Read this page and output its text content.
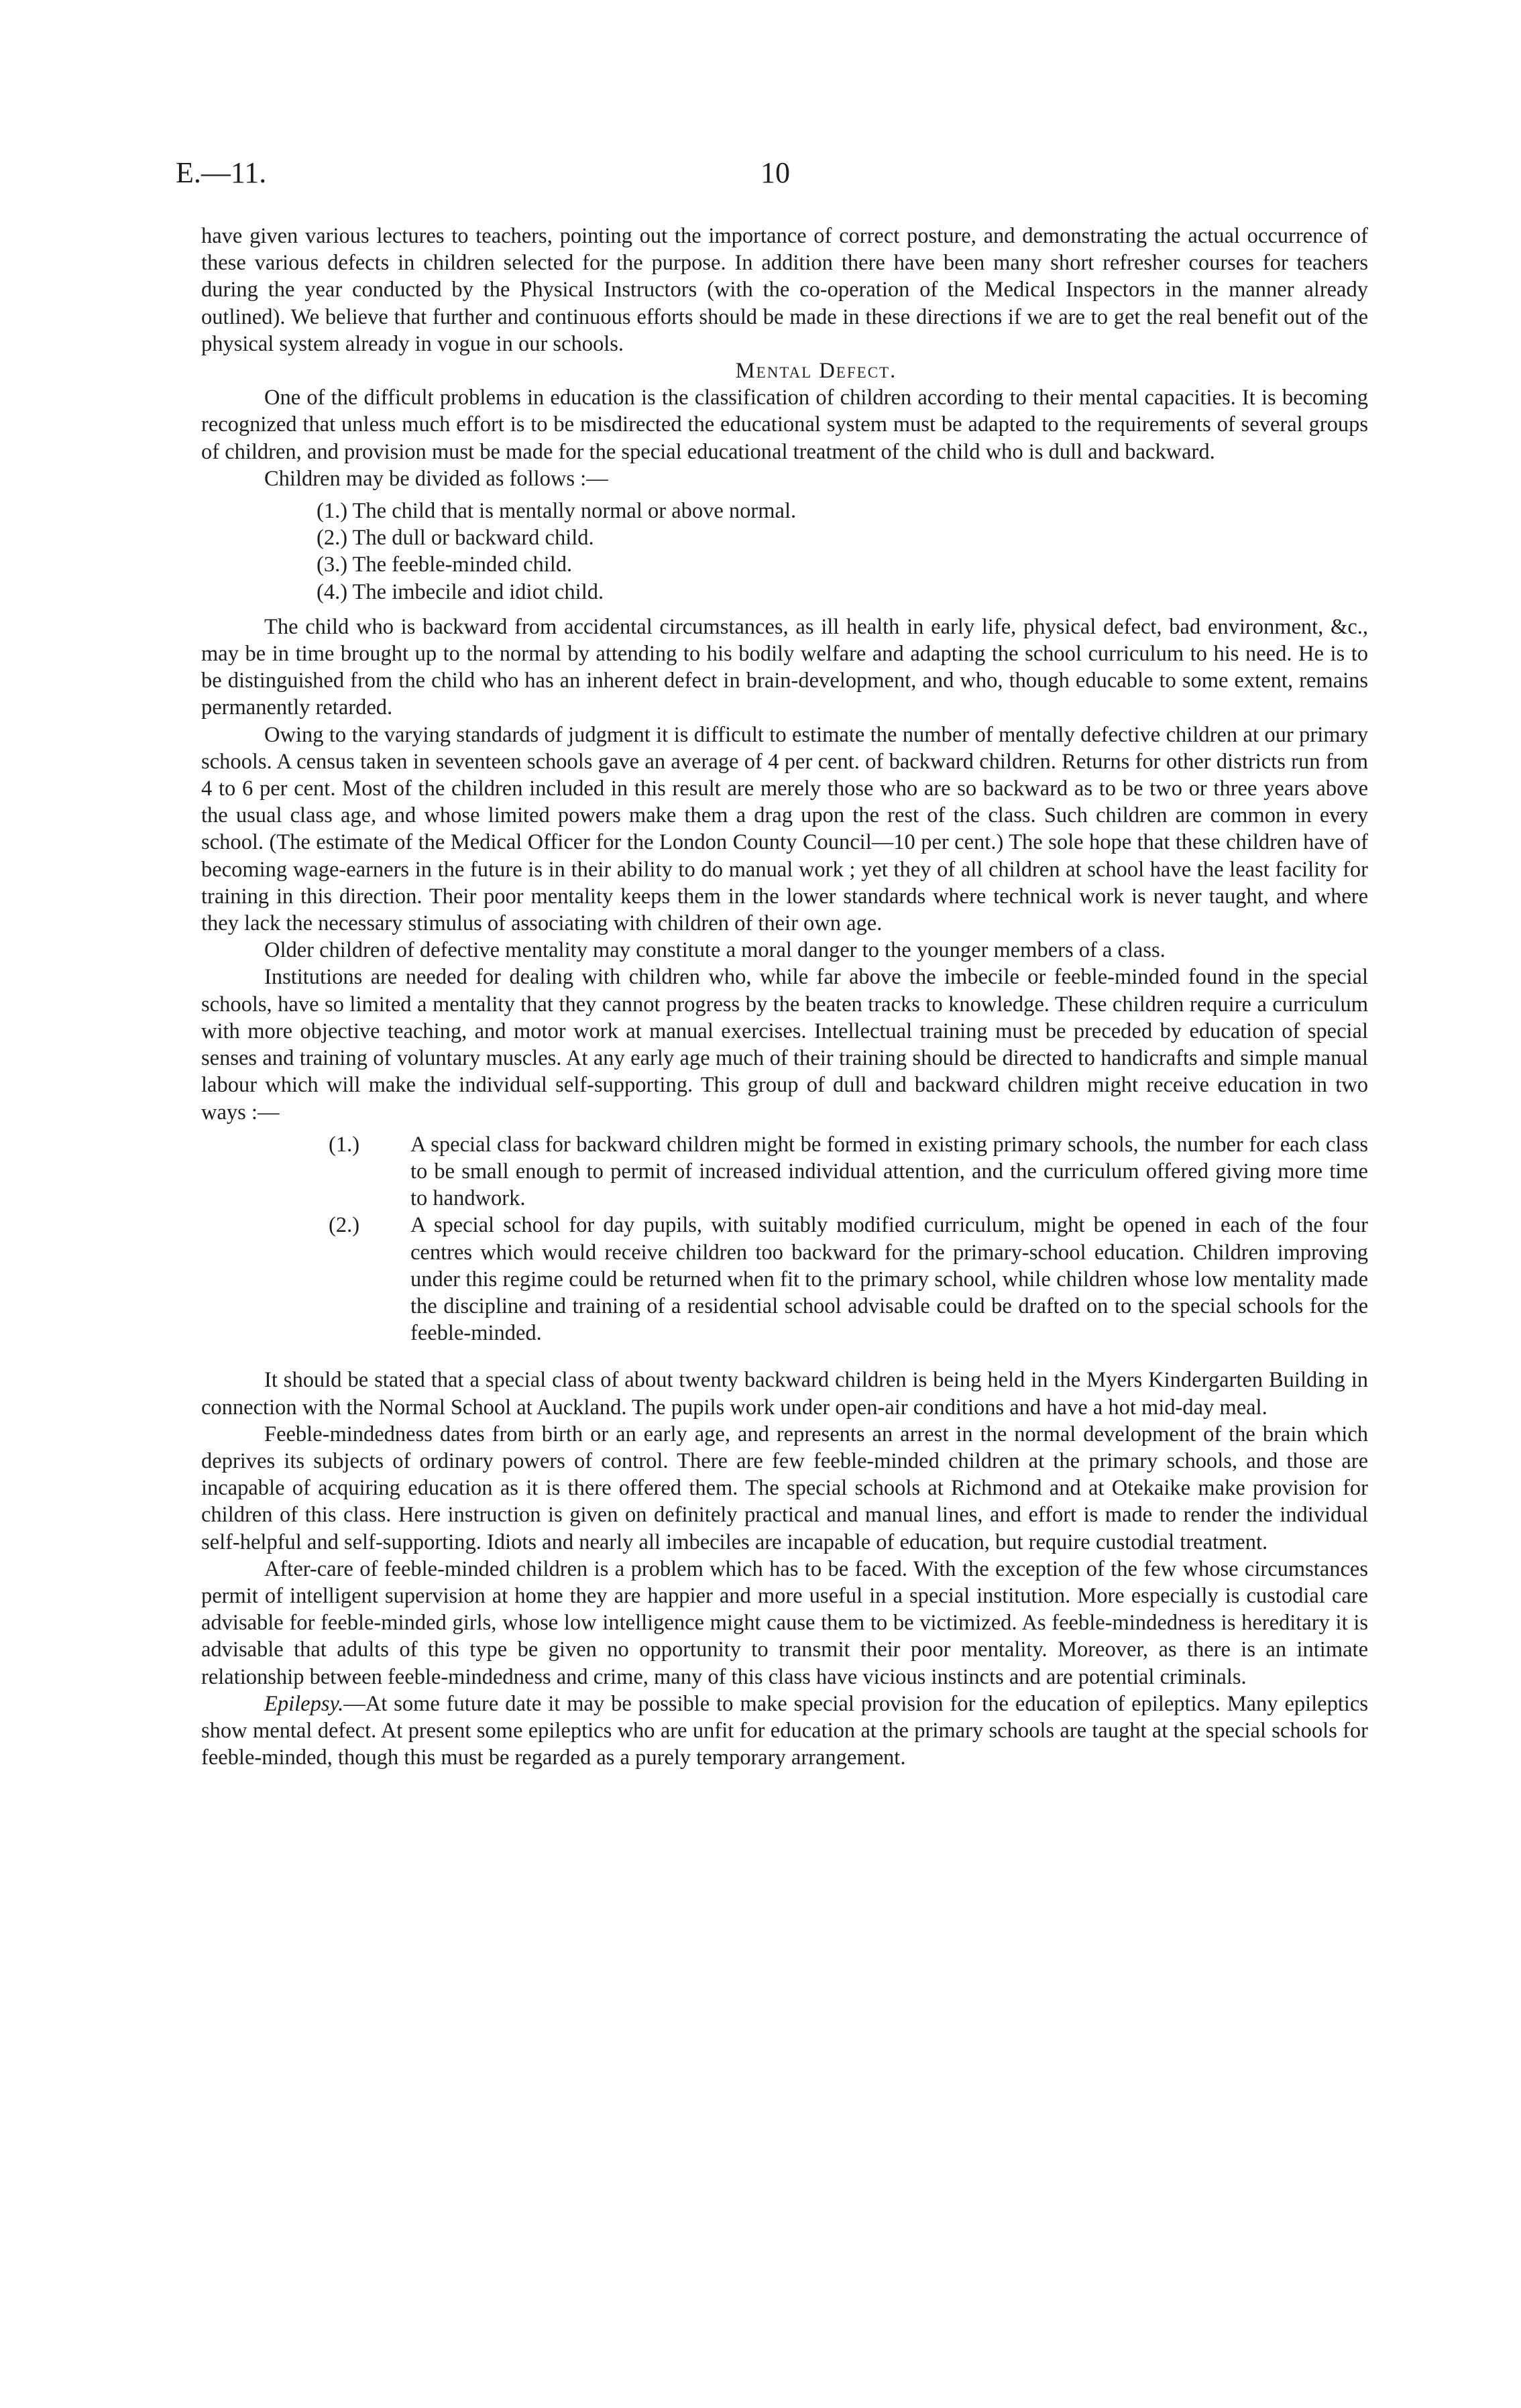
E.—11.	10

have given various lectures to teachers, pointing out the importance of correct posture, and demonstrating the actual occurrence of these various defects in children selected for the purpose. In addition there have been many short refresher courses for teachers during the year conducted by the Physical Instructors (with the co-operation of the Medical Inspectors in the manner already outlined). We believe that further and continuous efforts should be made in these directions if we are to get the real benefit out of the physical system already in vogue in our schools.

Mental Defect.

One of the difficult problems in education is the classification of children according to their mental capacities. It is becoming recognized that unless much effort is to be misdirected the educational system must be adapted to the requirements of several groups of children, and provision must be made for the special educational treatment of the child who is dull and backward.

Children may be divided as follows :—

(1.) The child that is mentally normal or above normal.
(2.) The dull or backward child.
(3.) The feeble-minded child.
(4.) The imbecile and idiot child.

The child who is backward from accidental circumstances, as ill health in early life, physical defect, bad environment, &c., may be in time brought up to the normal by attending to his bodily welfare and adapting the school curriculum to his need. He is to be distinguished from the child who has an inherent defect in brain-development, and who, though educable to some extent, remains permanently retarded.

Owing to the varying standards of judgment it is difficult to estimate the number of mentally defective children at our primary schools. A census taken in seventeen schools gave an average of 4 per cent. of backward children. Returns for other districts run from 4 to 6 per cent. Most of the children included in this result are merely those who are so backward as to be two or three years above the usual class age, and whose limited powers make them a drag upon the rest of the class. Such children are common in every school. (The estimate of the Medical Officer for the London County Council—10 per cent.) The sole hope that these children have of becoming wage-earners in the future is in their ability to do manual work ; yet they of all children at school have the least facility for training in this direction. Their poor mentality keeps them in the lower standards where technical work is never taught, and where they lack the necessary stimulus of associating with children of their own age.

Older children of defective mentality may constitute a moral danger to the younger members of a class.

Institutions are needed for dealing with children who, while far above the imbecile or feeble-minded found in the special schools, have so limited a mentality that they cannot progress by the beaten tracks to knowledge. These children require a curriculum with more objective teaching, and motor work at manual exercises. Intellectual training must be preceded by education of special senses and training of voluntary muscles. At any early age much of their training should be directed to handicrafts and simple manual labour which will make the individual self-supporting. This group of dull and backward children might receive education in two ways :—

(1.) A special class for backward children might be formed in existing primary schools, the number for each class to be small enough to permit of increased individual attention, and the curriculum offered giving more time to handwork.
(2.) A special school for day pupils, with suitably modified curriculum, might be opened in each of the four centres which would receive children too backward for the primary-school education. Children improving under this regime could be returned when fit to the primary school, while children whose low mentality made the discipline and training of a residential school advisable could be drafted on to the special schools for the feeble-minded.

It should be stated that a special class of about twenty backward children is being held in the Myers Kindergarten Building in connection with the Normal School at Auckland. The pupils work under open-air conditions and have a hot mid-day meal.

Feeble-mindedness dates from birth or an early age, and represents an arrest in the normal development of the brain which deprives its subjects of ordinary powers of control. There are few feeble-minded children at the primary schools, and those are incapable of acquiring education as it is there offered them. The special schools at Richmond and at Otekaike make provision for children of this class. Here instruction is given on definitely practical and manual lines, and effort is made to render the individual self-helpful and self-supporting. Idiots and nearly all imbeciles are incapable of education, but require custodial treatment.

After-care of feeble-minded children is a problem which has to be faced. With the exception of the few whose circumstances permit of intelligent supervision at home they are happier and more useful in a special institution. More especially is custodial care advisable for feeble-minded girls, whose low intelligence might cause them to be victimized. As feeble-mindedness is hereditary it is advisable that adults of this type be given no opportunity to transmit their poor mentality. Moreover, as there is an intimate relationship between feeble-mindedness and crime, many of this class have vicious instincts and are potential criminals.

Epilepsy.—At some future date it may be possible to make special provision for the education of epileptics. Many epileptics show mental defect. At present some epileptics who are unfit for education at the primary schools are taught at the special schools for feeble-minded, though this must be regarded as a purely temporary arrangement.
